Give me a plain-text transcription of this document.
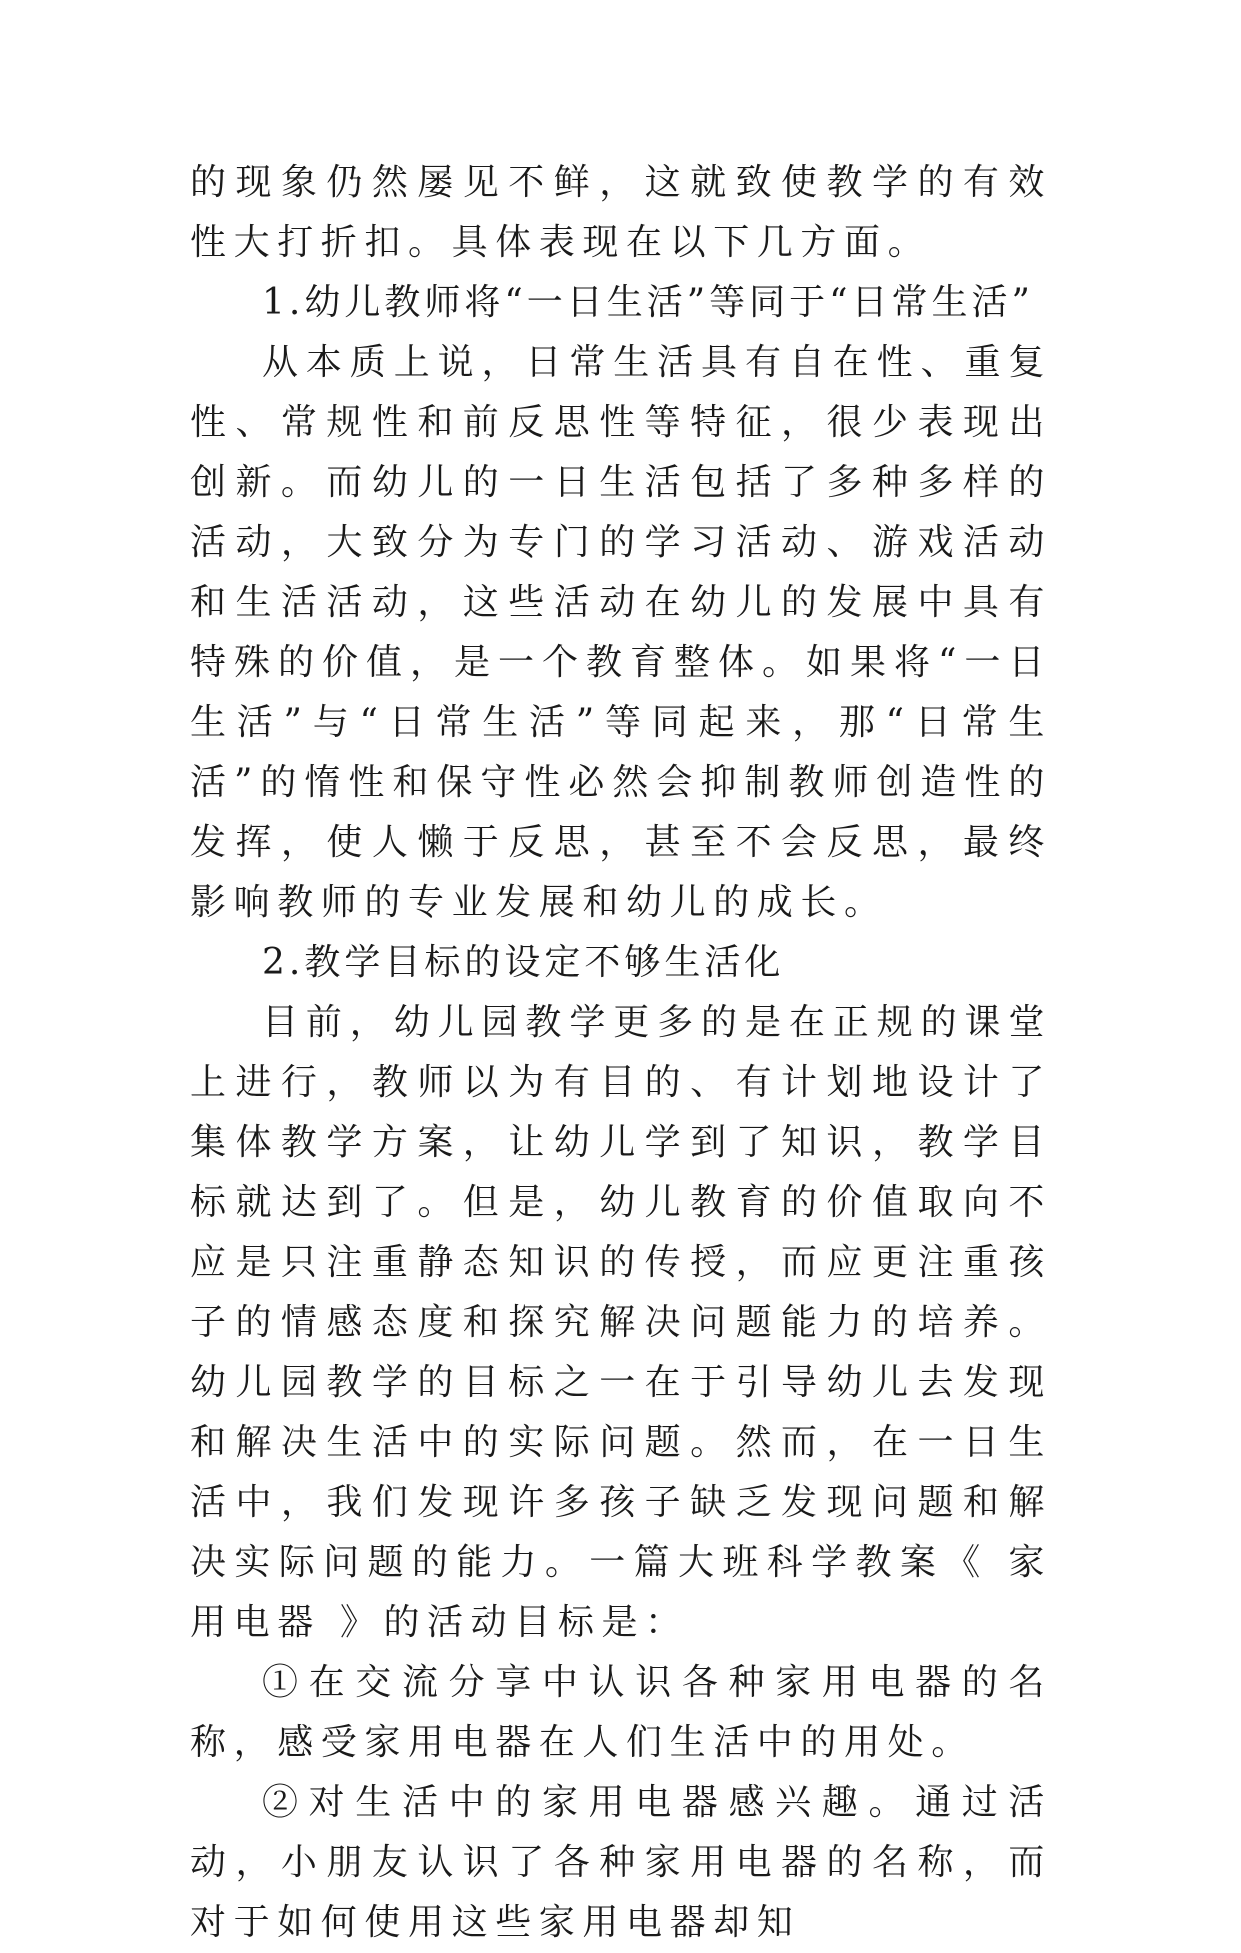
的现象仍然屡见不鲜，这就致使教学的有效性大打折扣。具体表现在以下几方面。

1.幼儿教师将“一日生活”等同于“日常生活”

从本质上说，日常生活具有自在性、重复性、常规性和前反思性等特征，很少表现出创新。而幼儿的一日生活包括了多种多样的活动，大致分为专门的学习活动、游戏活动和生活活动，这些活动在幼儿的发展中具有特殊的价值，是一个教育整体。如果将“一日生活”与“日常生活”等同起来，那“日常生活”的惰性和保守性必然会抑制教师创造性的发挥，使人懒于反思，甚至不会反思，最终影响教师的专业发展和幼儿的成长。

2.教学目标的设定不够生活化

目前，幼儿园教学更多的是在正规的课堂上进行，教师以为有目的、有计划地设计了集体教学方案，让幼儿学到了知识，教学目标就达到了。但是，幼儿教育的价值取向不应是只注重静态知识的传授，而应更注重孩子的情感态度和探究解决问题能力的培养。幼儿园教学的目标之一在于引导幼儿去发现和解决生活中的实际问题。然而，在一日生活中，我们发现许多孩子缺乏发现问题和解决实际问题的能力。一篇大班科学教案《 家用电器 》的活动目标是：

①在交流分享中认识各种家用电器的名称，感受家用电器在人们生活中的用处。

②对生活中的家用电器感兴趣。通过活动，小朋友认识了各种家用电器的名称，而对于如何使用这些家用电器却知
